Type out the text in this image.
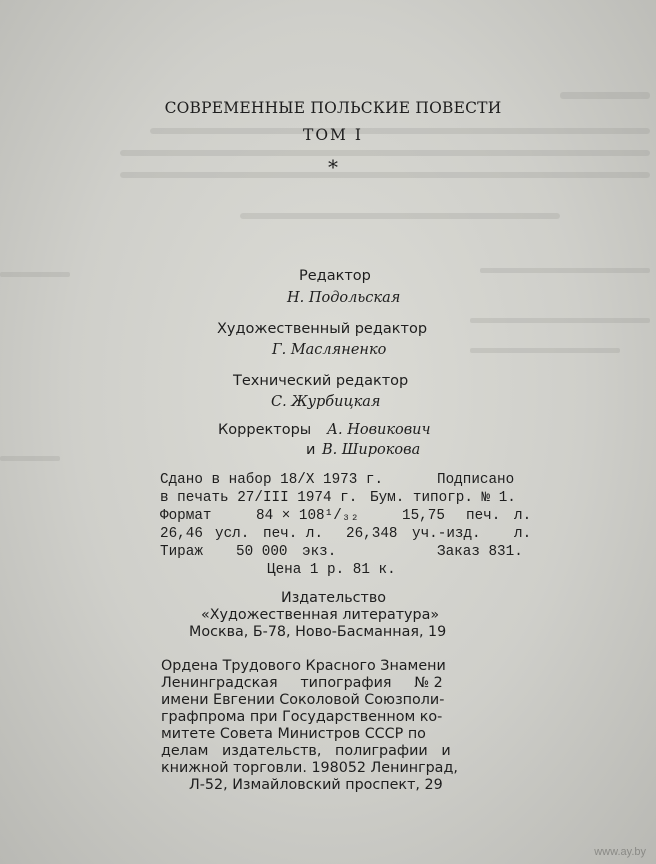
СОВРЕМЕННЫЕ ПОЛЬСКИЕ ПОВЕСТИ
ТОМ I
⁎
Редактор
Н. Подольская
Художественный редактор
Г. Масляненко
Технический редактор
С. Журбицкая
Корректоры А. Новикович
и В. Широкова
Сдано в набор 18/X 1973 г.	Подписано
в печать 27/III 1974 г. Бум. типогр. № 1.
Формат	84 × 108¹/₃₂	15,75 печ. л.
26,46 усл. печ. л. 26,348 уч.-изд. л.
Тираж 50 000 экз.	Заказ 831.
Цена 1 р. 81 к.
Издательство
«Художественная литература»
Москва, Б-78, Ново-Басманная, 19
Ордена Трудового Красного Знамени
Ленинградская     типография     № 2
имени Евгении Соколовой Союзполи-
графпрома при Государственном ко-
митете Совета Министров СССР по
делам   издательств,   полиграфии   и
книжной торговли. 198052 Ленинград,
Л-52, Измайловский проспект, 29
www.ay.by
